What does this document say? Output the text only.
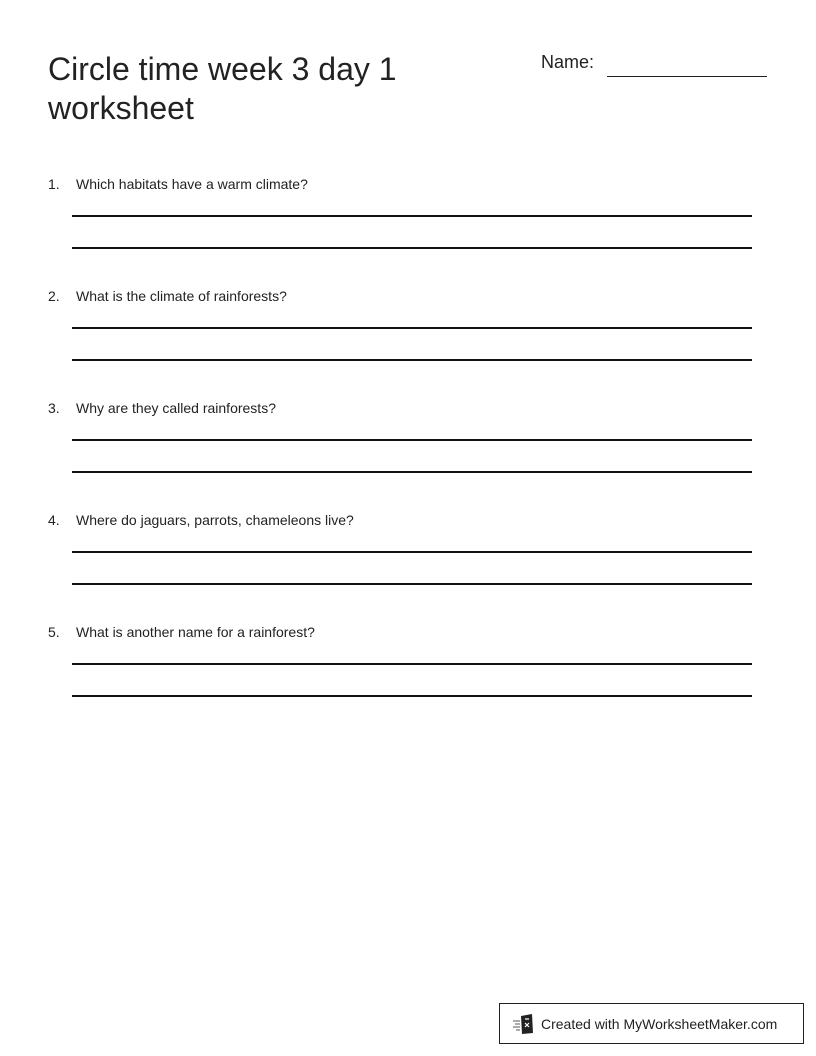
Circle time week 3 day 1 worksheet
Name:
1. Which habitats have a warm climate?
2. What is the climate of rainforests?
3. Why are they called rainforests?
4. Where do jaguars, parrots, chameleons live?
5. What is another name for a rainforest?
Created with MyWorksheetMaker.com
